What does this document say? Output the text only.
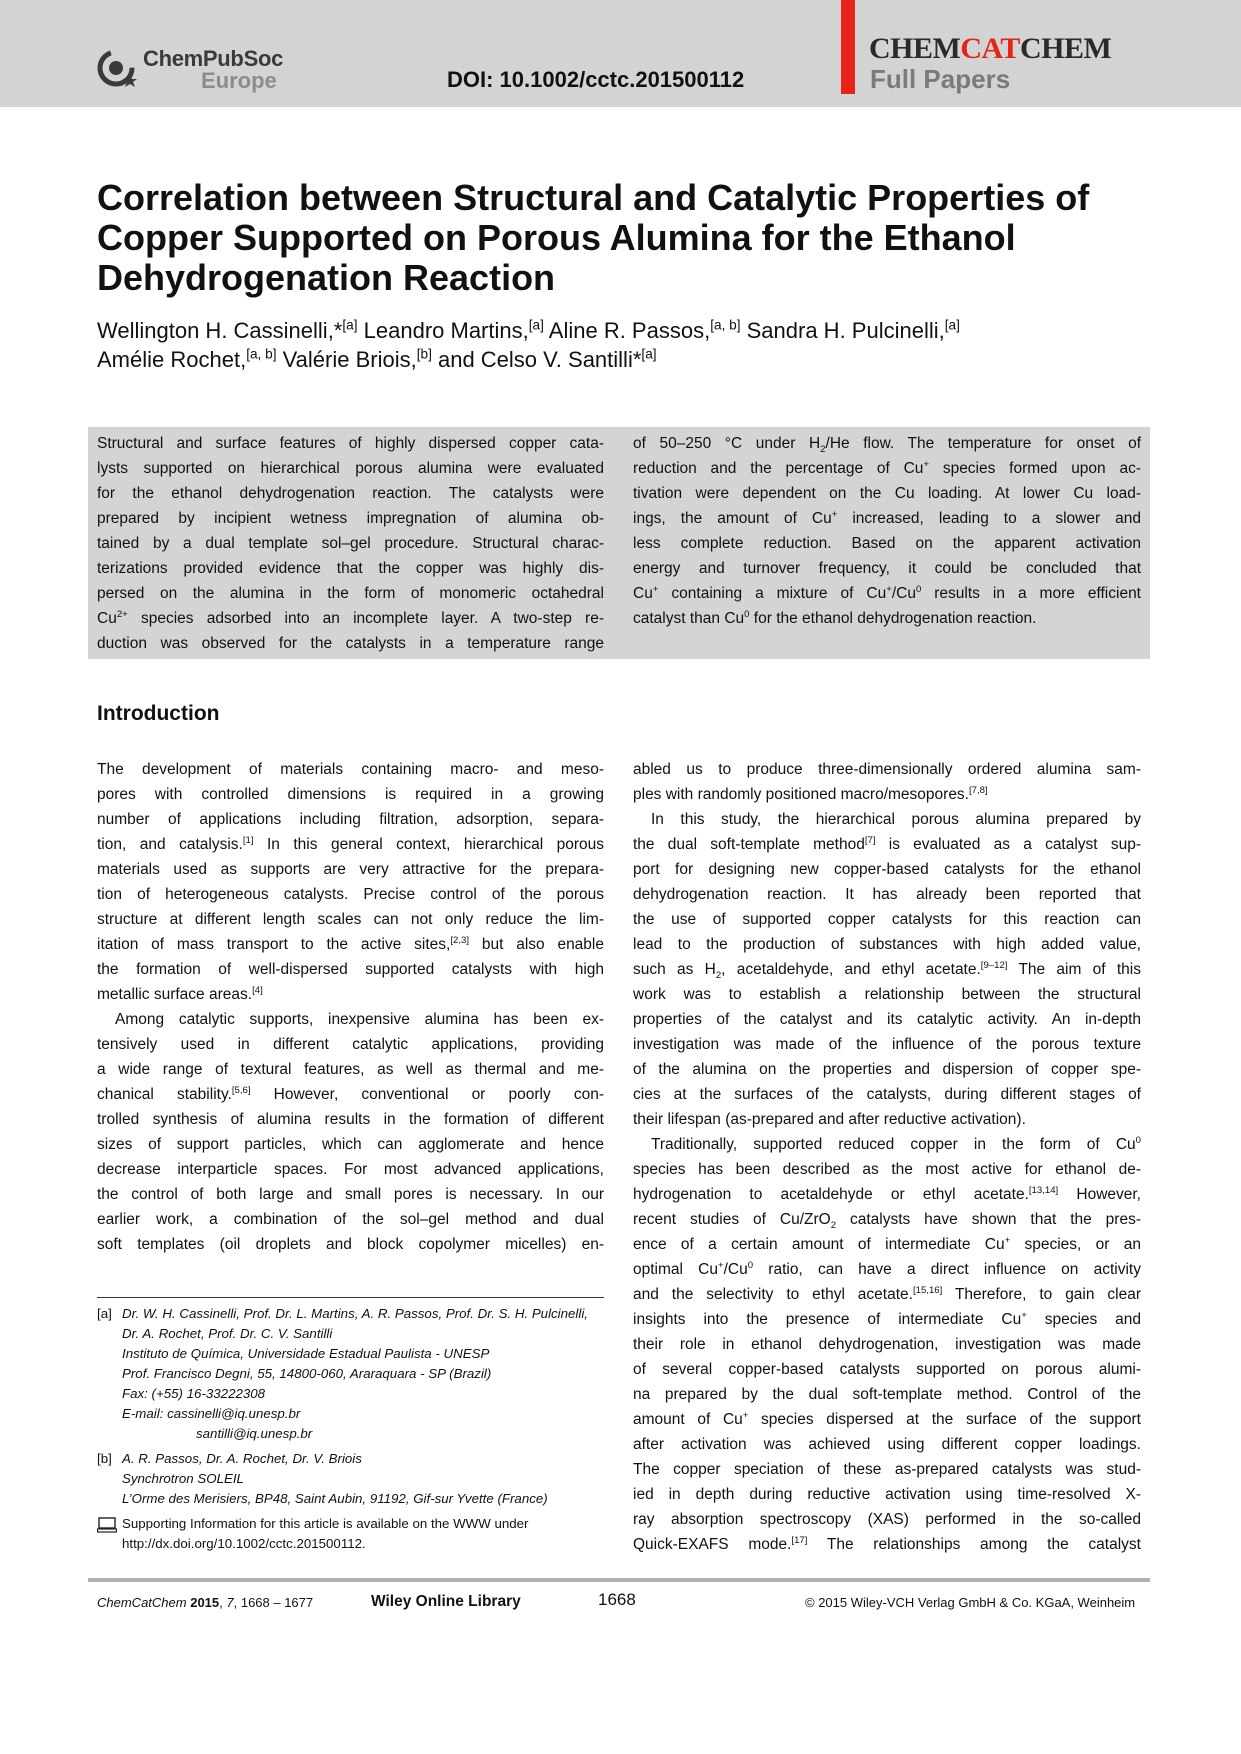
ChemPubSoc
Europe	DOI: 10.1002/cctc.201500112
CHEMCATCHEM
Full Papers
Correlation between Structural and Catalytic Properties of
Copper Supported on Porous Alumina for the Ethanol
Dehydrogenation Reaction
Wellington H. Cassinelli,*[a] Leandro Martins,[a] Aline R. Passos,[a, b] Sandra H. Pulcinelli,[a]
Amélie Rochet,[a, b] Valérie Briois,[b] and Celso V. Santilli*[a]
Structural and surface features of highly dispersed copper cata-
lysts supported on hierarchical porous alumina were evaluated
for the ethanol dehydrogenation reaction. The catalysts were
prepared by incipient wetness impregnation of alumina ob-
tained by a dual template sol–gel procedure. Structural charac-
terizations provided evidence that the copper was highly dis-
persed on the alumina in the form of monomeric octahedral
$Cu^{2+}$ species adsorbed into an incomplete layer. A two-step re-
duction was observed for the catalysts in a temperature range
of 50–250 °C under $H_2/He$ flow. The temperature for onset of
reduction and the percentage of Cu+ species formed upon ac-
tivation were dependent on the Cu loading. At lower Cu load-
ings, the amount of Cu+ increased, leading to a slower and
less complete reduction. Based on the apparent activation
energy and turnover frequency, it could be concluded that
Cu+ containing a mixture of Cu+/Cu$^0$ results in a more efficient
catalyst than Cu$^0$ for the ethanol dehydrogenation reaction.
Introduction
The development of materials containing macro- and meso-
pores with controlled dimensions is required in a growing
number of applications including filtration, adsorption, separa-
tion, and catalysis.[1] In this general context, hierarchical porous
materials used as supports are very attractive for the prepara-
tion of heterogeneous catalysts. Precise control of the porous
structure at different length scales can not only reduce the lim-
itation of mass transport to the active sites,[2,3] but also enable
the formation of well-dispersed supported catalysts with high
metallic surface areas.[4]
Among catalytic supports, inexpensive alumina has been ex-
tensively used in different catalytic applications, providing
a wide range of textural features, as well as thermal and me-
chanical stability.[5,6] However, conventional or poorly con-
trolled synthesis of alumina results in the formation of different
sizes of support particles, which can agglomerate and hence
decrease interparticle spaces. For most advanced applications,
the control of both large and small pores is necessary. In our
earlier work, a combination of the sol–gel method and dual
soft templates (oil droplets and block copolymer micelles) en-
abled us to produce three-dimensionally ordered alumina sam-
ples with randomly positioned macro/mesopores.[7,8]
In this study, the hierarchical porous alumina prepared by
the dual soft-template method[7] is evaluated as a catalyst sup-
port for designing new copper-based catalysts for the ethanol
dehydrogenation reaction. It has already been reported that
the use of supported copper catalysts for this reaction can
lead to the production of substances with high added value,
such as $H_2$, acetaldehyde, and ethyl acetate.[9–12] The aim of this
work was to establish a relationship between the structural
properties of the catalyst and its catalytic activity. An in-depth
investigation was made of the influence of the porous texture
of the alumina on the properties and dispersion of copper spe-
cies at the surfaces of the catalysts, during different stages of
their lifespan (as-prepared and after reductive activation).
Traditionally, supported reduced copper in the form of Cu$^0$
species has been described as the most active for ethanol de-
hydrogenation to acetaldehyde or ethyl acetate.[13,14] However,
recent studies of Cu/ZrO$_2$ catalysts have shown that the pres-
ence of a certain amount of intermediate Cu+ species, or an
optimal Cu+/Cu$^0$ ratio, can have a direct influence on activity
and the selectivity to ethyl acetate.[15,16] Therefore, to gain clear
insights into the presence of intermediate Cu+ species and
their role in ethanol dehydrogenation, investigation was made
of several copper-based catalysts supported on porous alumi-
na prepared by the dual soft-template method. Control of the
amount of Cu+ species dispersed at the surface of the support
after activation was achieved using different copper loadings.
The copper speciation of these as-prepared catalysts was stud-
ied in depth during reductive activation using time-resolved X-
ray absorption spectroscopy (XAS) performed in the so-called
Quick-EXAFS mode.[17] The relationships among the catalyst
[a] Dr. W. H. Cassinelli, Prof. Dr. L. Martins, A. R. Passos, Prof. Dr. S. H. Pulcinelli,
Dr. A. Rochet, Prof. Dr. C. V. Santilli
Instituto de Química, Universidade Estadual Paulista - UNESP
Prof. Francisco Degni, 55, 14800-060, Araraquara - SP (Brazil)
Fax: (+55) 16-33222308
E-mail: cassinelli@iq.unesp.br
santilli@iq.unesp.br
[b] A. R. Passos, Dr. A. Rochet, Dr. V. Briois
Synchrotron SOLEIL
L’Orme des Merisiers, BP48, Saint Aubin, 91192, Gif-sur Yvette (France)
Supporting Information for this article is available on the WWW under
http://dx.doi.org/10.1002/cctc.201500112.
ChemCatChem 2015, 7, 1668 – 1677	Wiley Online Library	1668	© 2015 Wiley-VCH Verlag GmbH & Co. KGaA, Weinheim
